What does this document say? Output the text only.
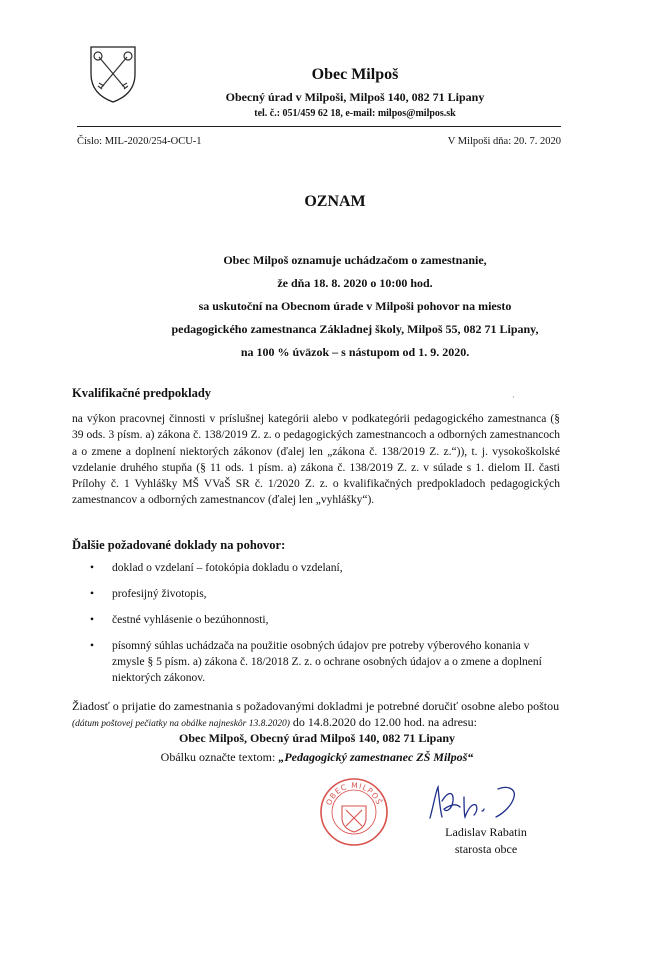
Obec Milpoš
Obecný úrad v Milpoši, Milpoš 140, 082 71 Lipany
tel. č.: 051/459 62 18, e-mail: milpos@milpos.sk
Číslo: MIL-2020/254-OCU-1	V Milpoši dňa: 20. 7. 2020
OZNAM
Obec Milpoš oznamuje uchádzačom o zamestnanie,
že dňa 18. 8. 2020 o 10:00 hod.
sa uskutoční na Obecnom úrade v Milpoši pohovor na miesto
pedagogického zamestnanca Základnej školy, Milpoš 55, 082 71 Lipany,
na 100 % úväzok – s nástupom od 1. 9. 2020.
Kvalifikačné predpoklady	·
na výkon pracovnej činnosti v príslušnej kategórii alebo v podkategórii pedagogického zamestnanca (§ 39 ods. 3 písm. a) zákona č. 138/2019 Z. z. o pedagogických zamestnancoch a odborných zamestnancoch a o zmene a doplnení niektorých zákonov (ďalej len „zákona č. 138/2019 Z. z.“)), t. j. vysokoškolské vzdelanie druhého stupňa (§ 11 ods. 1 písm. a) zákona č. 138/2019 Z. z. v súlade s 1. dielom II. časti Prílohy č. 1 Vyhlášky MŠ VVaŠ SR č. 1/2020 Z. z. o kvalifikačných predpokladoch pedagogických zamestnancov a odborných zamestnancov (ďalej len „vyhlášky“).
Ďalšie požadované doklady na pohovor:
• doklad o vzdelaní – fotokópia dokladu o vzdelaní,
• profesijný životopis,
• čestné vyhlásenie o bezúhonnosti,
• písomný súhlas uchádzača na použitie osobných údajov pre potreby výberového konania v zmysle § 5 písm. a) zákona č. 18/2018 Z. z. o ochrane osobných údajov a o zmene a doplnení niektorých zákonov.
Žiadosť o prijatie do zamestnania s požadovanými dokladmi je potrebné doručiť osobne alebo poštou (dátum poštovej pečiatky na obálke najneskôr 13.8.2020) do 14.8.2020 do 12.00 hod. na adresu:
Obec Milpoš, Obecný úrad Milpoš 140, 082 71 Lipany
Obálku označte textom: „Pedagogický zamestnanec ZŠ Milpoš“
OBEC MILPOŠ
Ladislav Rabatin
starosta obce
